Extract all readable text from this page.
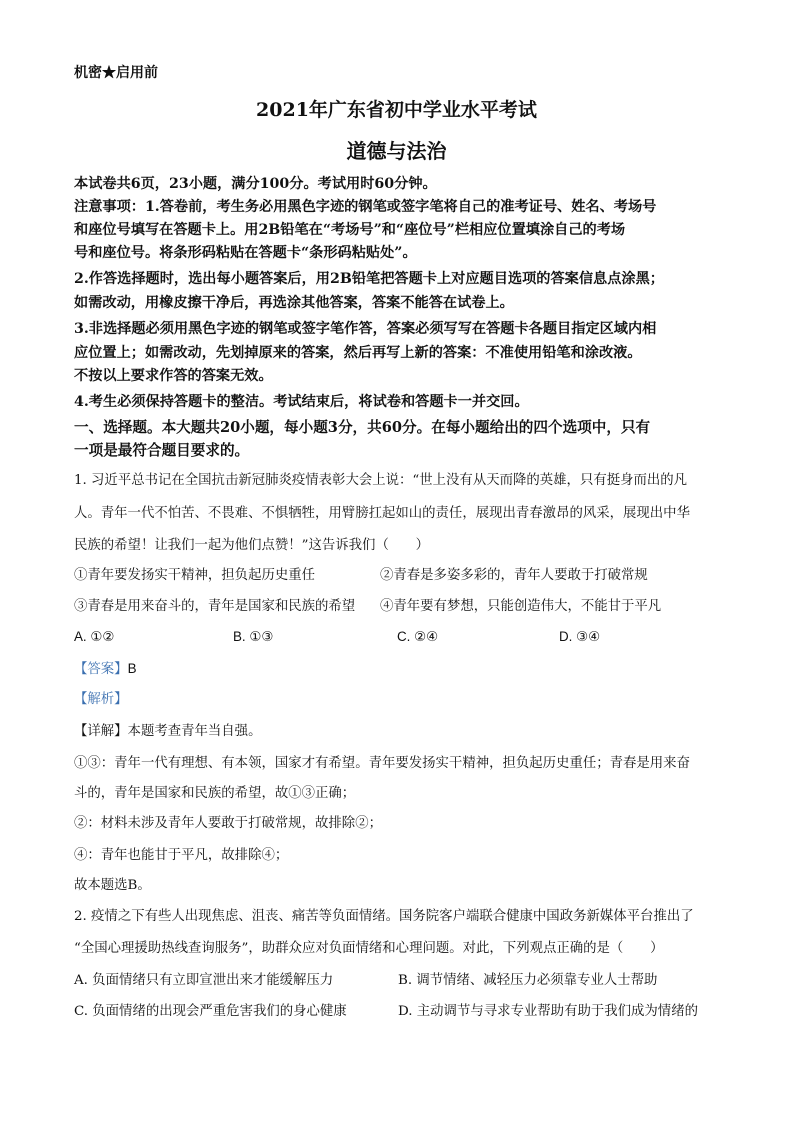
机密★启用前
2021年广东省初中学业水平考试
道德与法治
本试卷共6页，23小题，满分100分。考试用时60分钟。
注意事项：1.答卷前，考生务必用黑色字迹的钢笔或签字笔将自己的准考证号、姓名、考场号
和座位号填写在答题卡上。用2B铅笔在“考场号”和“座位号”栏相应位置填涂自己的考场
号和座位号。将条形码粘贴在答题卡“条形码粘贴处”。
2.作答选择题时，选出每小题答案后，用2B铅笔把答题卡上对应题目选项的答案信息点涂黑；
如需改动，用橡皮擦干净后，再选涂其他答案，答案不能答在试卷上。
3.非选择题必须用黑色字迹的钢笔或签字笔作答，答案必须写写在答题卡各题目指定区域内相
应位置上；如需改动，先划掉原来的答案，然后再写上新的答案：不准使用铅笔和涂改液。
不按以上要求作答的答案无效。
4.考生必须保持答题卡的整洁。考试结束后，将试卷和答题卡一并交回。
一、选择题。本大题共20小题，每小题3分，共60分。在每小题给出的四个选项中，只有
一项是最符合题目要求的。
1. 习近平总书记在全国抗击新冠肺炎疫情表彰大会上说：“世上没有从天而降的英雄，只有挺身而出的凡
人。青年一代不怕苦、不畏难、不惧牺牲，用臂膀扛起如山的责任，展现出青春激昂的风采，展现出中华
民族的希望！让我们一起为他们点赞！”这告诉我们（　　）
①青年要发扬实干精神，担负起历史重任	②青春是多姿多彩的，青年人要敢于打破常规
③青春是用来奋斗的，青年是国家和民族的希望 ④青年要有梦想，只能创造伟大，不能甘于平凡
A. ①②	B. ①③	C. ②④	D. ③④
【答案】B
【解析】
【详解】本题考查青年当自强。
①③：青年一代有理想、有本领，国家才有希望。青年要发扬实干精神，担负起历史重任；青春是用来奋
斗的，青年是国家和民族的希望，故①③正确；
②：材料未涉及青年人要敢于打破常规，故排除②；
④：青年也能甘于平凡，故排除④；
故本题选B。
2. 疫情之下有些人出现焦虑、沮丧、痛苦等负面情绪。国务院客户端联合健康中国政务新媒体平台推出了
“全国心理援助热线查询服务”，助群众应对负面情绪和心理问题。对此，下列观点正确的是（　　）
A. 负面情绪只有立即宣泄出来才能缓解压力	B. 调节情绪、减轻压力必须靠专业人士帮助
C. 负面情绪的出现会严重危害我们的身心健康	D. 主动调节与寻求专业帮助有助于我们成为情绪的
